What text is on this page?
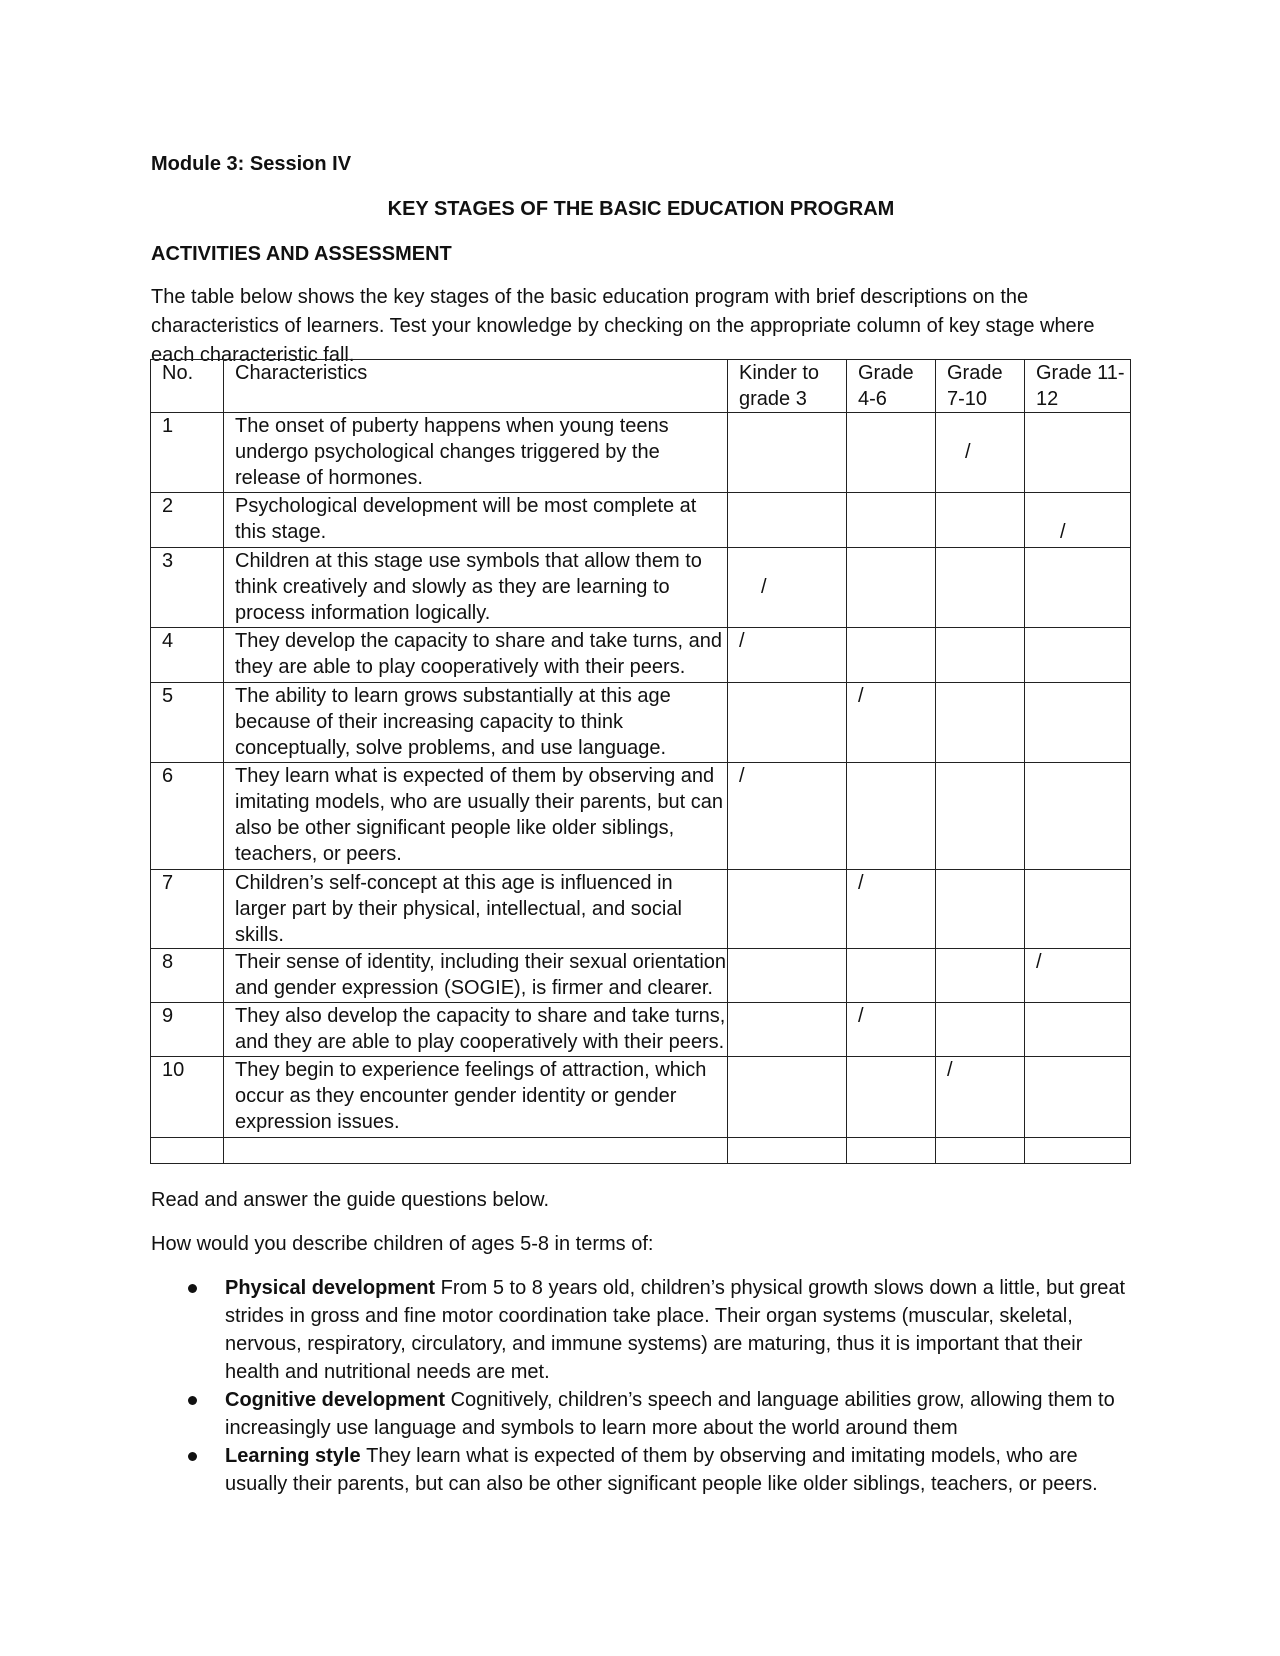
Module 3: Session IV
KEY STAGES OF THE BASIC EDUCATION PROGRAM
ACTIVITIES AND ASSESSMENT
The table below shows the key stages of the basic education program with brief descriptions on the characteristics of learners. Test your knowledge by checking on the appropriate column of key stage where each characteristic fall.
No.	Characteristics	Kinder to grade 3	Grade 4-6	Grade 7-10	Grade 11-12
1	The onset of puberty happens when young teens undergo psychological changes triggered by the release of hormones.			/	

2	Psychological development will be most complete at this stage.				/

3	Children at this stage use symbols that allow them to think creatively and slowly as they are learning to process information logically.	/			

4	They develop the capacity to share and take turns, and they are able to play cooperatively with their peers.	/			

5	The ability to learn grows substantially at this age because of their increasing capacity to think conceptually, solve problems, and use language.		/		

6	They learn what is expected of them by observing and imitating models, who are usually their parents, but can also be other significant people like older siblings, teachers, or peers.	/			

7	Children’s self-concept at this age is influenced in larger part by their physical, intellectual, and social skills.		/		

8	Their sense of identity, including their sexual orientation and gender expression (SOGIE), is firmer and clearer.				/

9	They also develop the capacity to share and take turns, and they are able to play cooperatively with their peers.		/		

10	They begin to experience feelings of attraction, which occur as they encounter gender identity or gender expression issues.			/	

Read and answer the guide questions below.
How would you describe children of ages 5-8 in terms of:
Physical development From 5 to 8 years old, children’s physical growth slows down a little, but great strides in gross and fine motor coordination take place. Their organ systems (muscular, skeletal, nervous, respiratory, circulatory, and immune systems) are maturing, thus it is important that their health and nutritional needs are met.
Cognitive development Cognitively, children’s speech and language abilities grow, allowing them to increasingly use language and symbols to learn more about the world around them
Learning style They learn what is expected of them by observing and imitating models, who are usually their parents, but can also be other significant people like older siblings, teachers, or peers.
